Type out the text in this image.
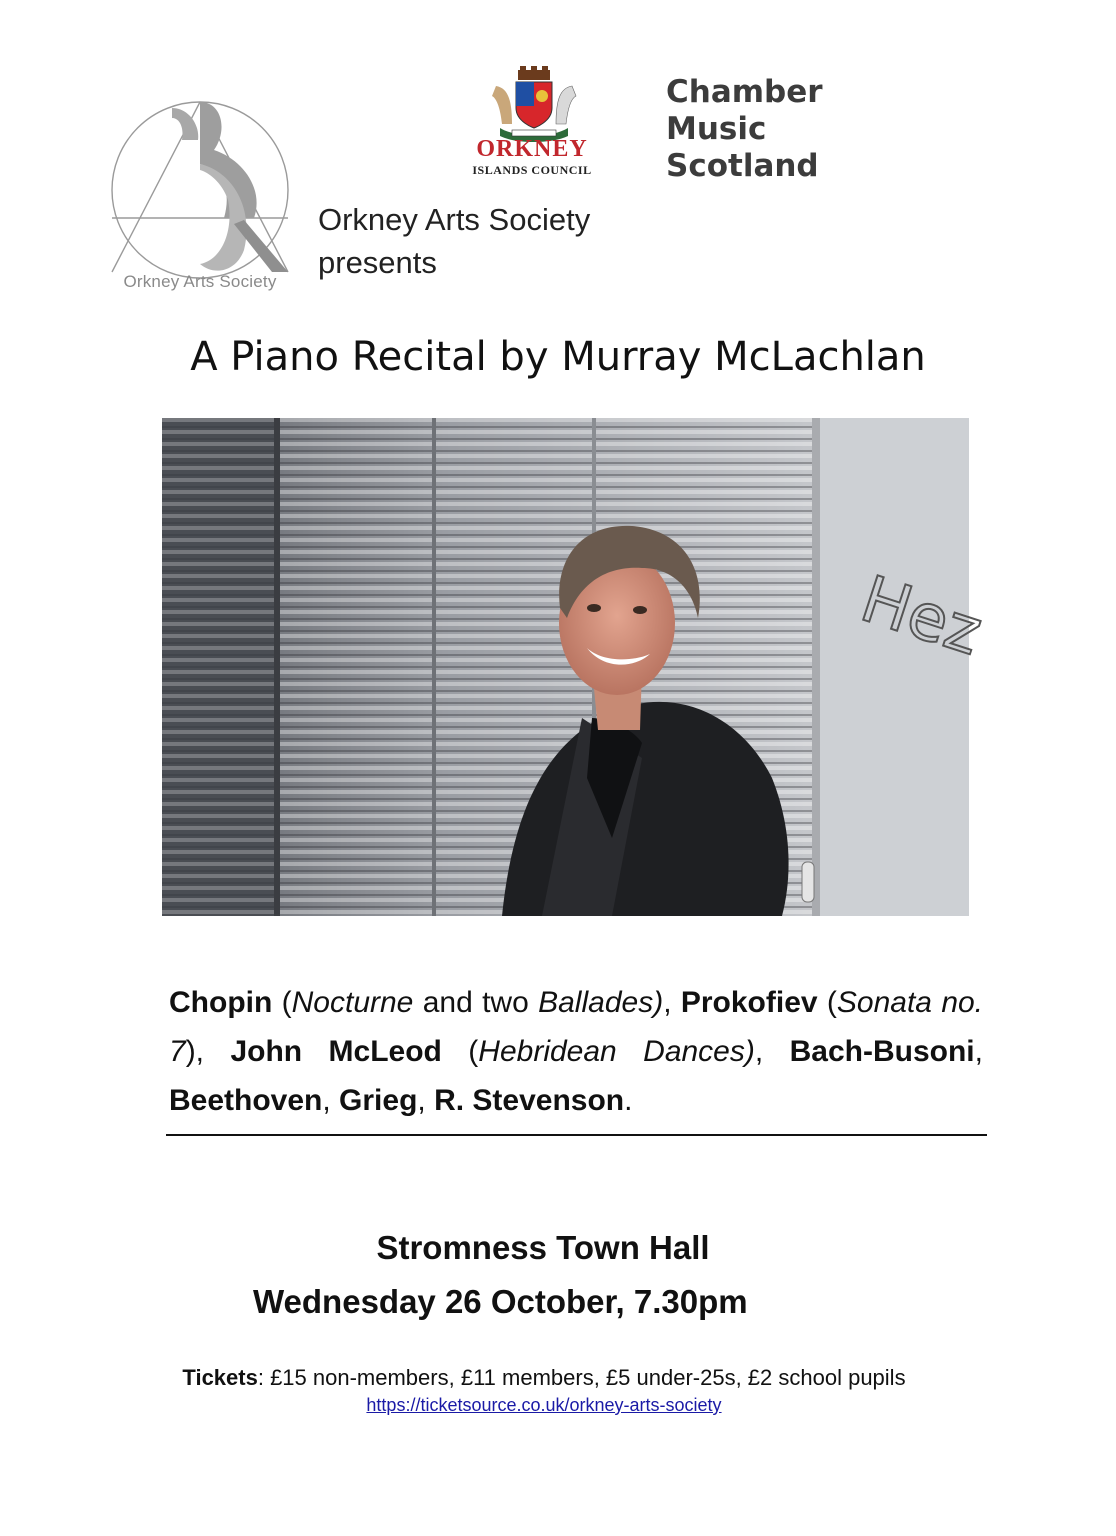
Orkney Arts Society
ORKNEY
ISLANDS COUNCIL
Chamber
Music
Scotland
Orkney Arts Society
presents
A Piano Recital by Murray McLachlan
Hez
Chopin (Nocturne and two Ballades), Prokofiev (Sonata no. 7), John McLeod (Hebridean Dances), Bach-Busoni, Beethoven, Grieg, R. Stevenson.
Stromness Town Hall
Wednesday 26 October, 7.30pm
Tickets: £15 non-members, £11 members, £5 under-25s, £2 school pupils
https://ticketsource.co.uk/orkney-arts-society
